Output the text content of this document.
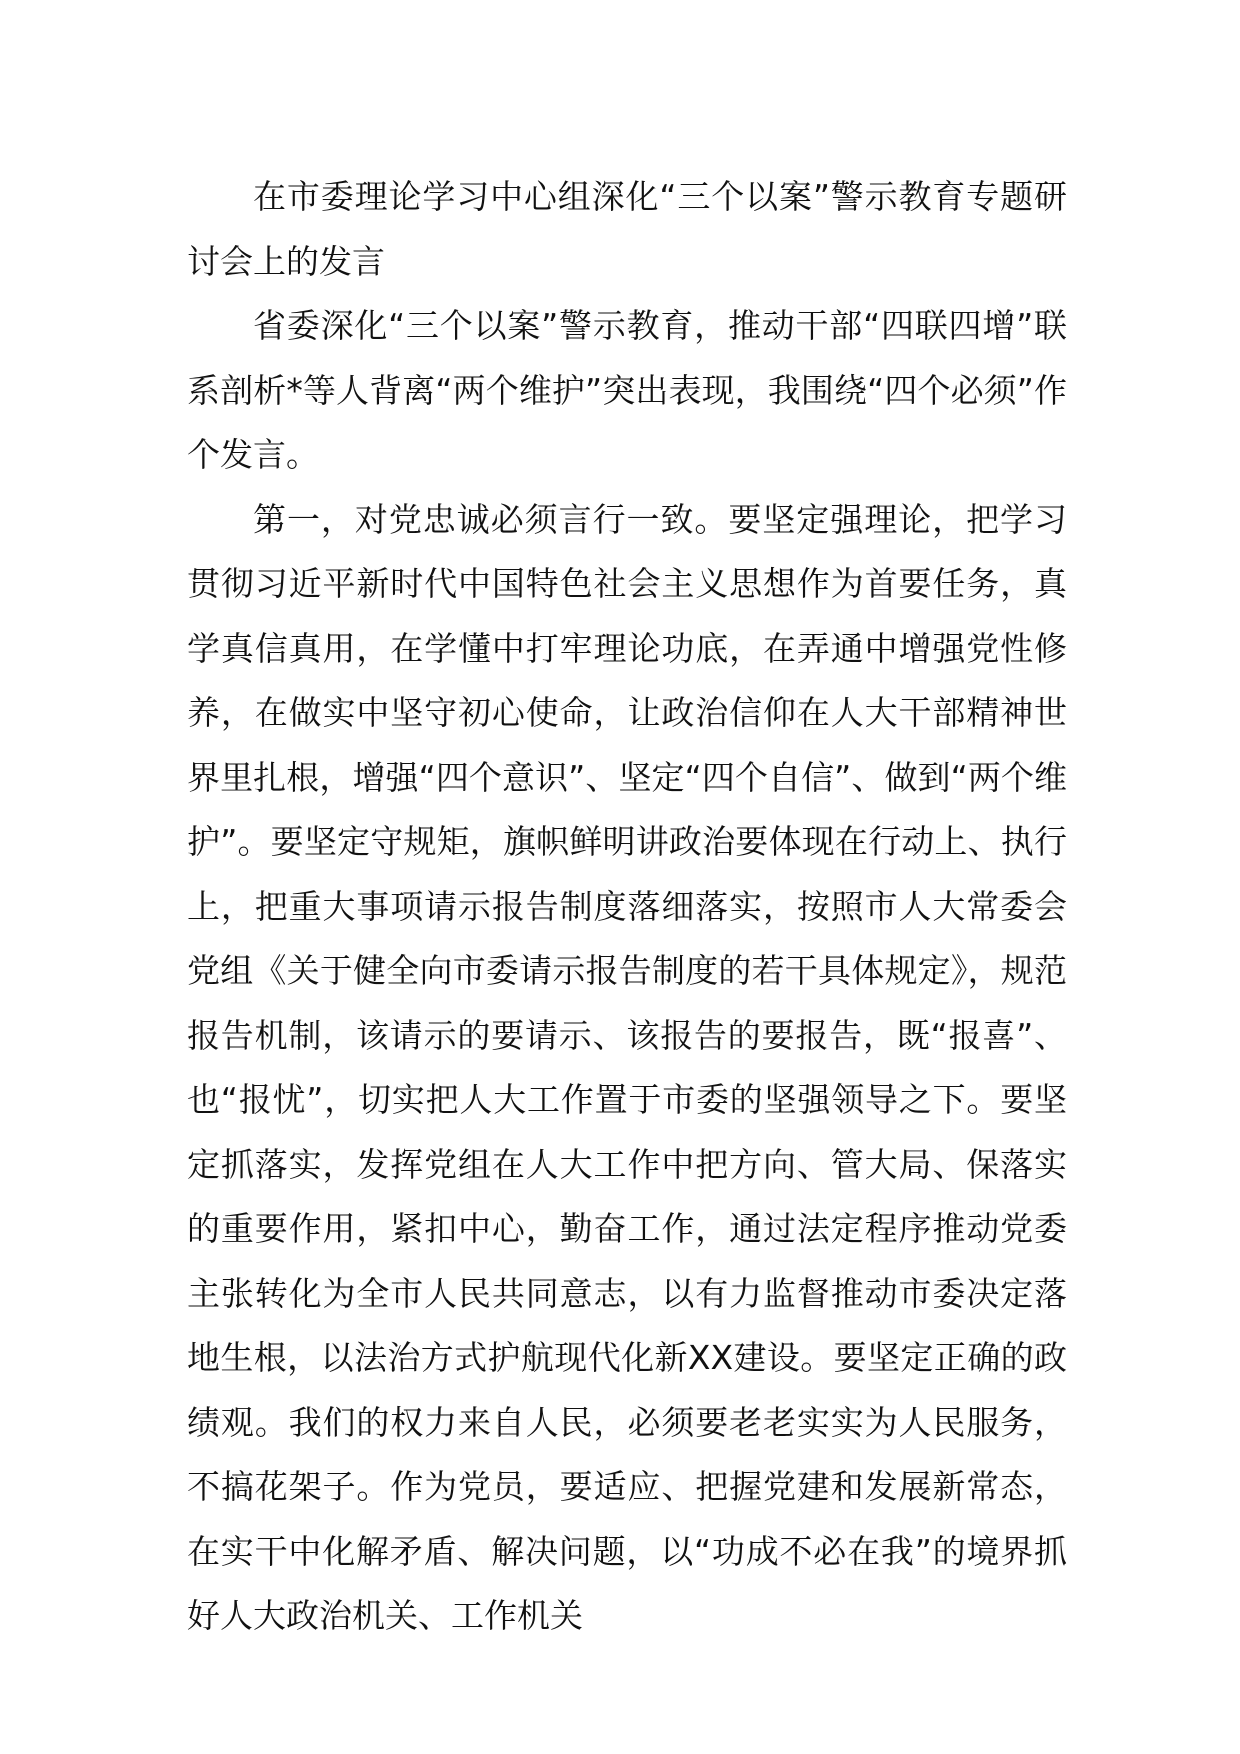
在市委理论学习中心组深化“三个以案”警示教育专题研讨会上的发言

省委深化“三个以案”警示教育，推动干部“四联四增”联系剖析*等人背离“两个维护”突出表现，我围绕“四个必须”作个发言。

第一，对党忠诚必须言行一致。要坚定强理论，把学习贯彻习近平新时代中国特色社会主义思想作为首要任务，真学真信真用，在学懂中打牢理论功底，在弄通中增强党性修养，在做实中坚守初心使命，让政治信仰在人大干部精神世界里扎根，增强“四个意识”、坚定“四个自信”、做到“两个维护”。要坚定守规矩，旗帜鲜明讲政治要体现在行动上、执行上，把重大事项请示报告制度落细落实，按照市人大常委会党组《关于健全向市委请示报告制度的若干具体规定》，规范报告机制，该请示的要请示、该报告的要报告，既“报喜”、也“报忧”，切实把人大工作置于市委的坚强领导之下。要坚定抓落实，发挥党组在人大工作中把方向、管大局、保落实的重要作用，紧扣中心，勤奋工作，通过法定程序推动党委主张转化为全市人民共同意志，以有力监督推动市委决定落地生根，以法治方式护航现代化新XX建设。要坚定正确的政绩观。我们的权力来自人民，必须要老老实实为人民服务，不搞花架子。作为党员，要适应、把握党建和发展新常态，在实干中化解矛盾、解决问题，以“功成不必在我”的境界抓好人大政治机关、工作机关
